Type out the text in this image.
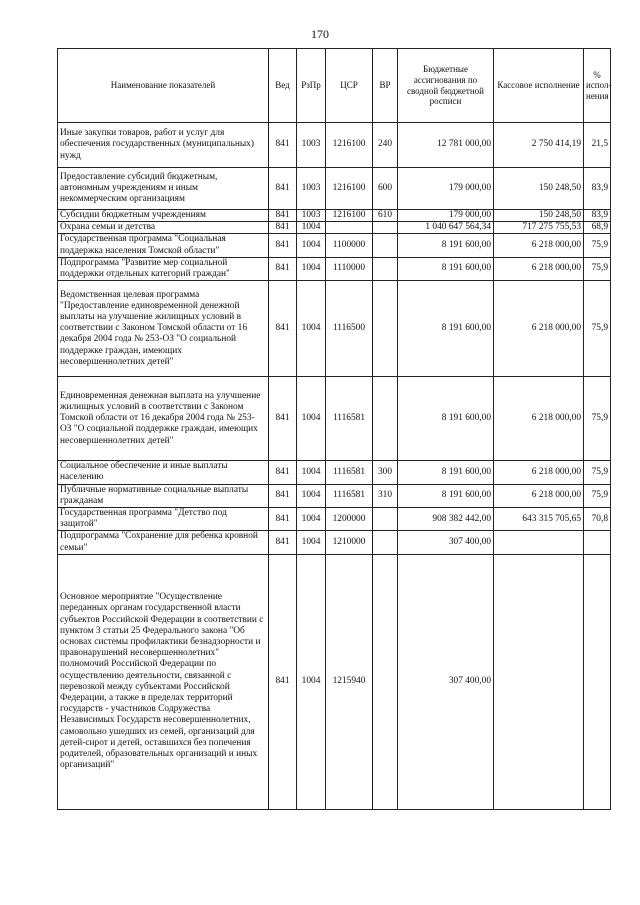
170
Наименование показателей	Вед	РзПр	ЦСР	ВР	Бюджетные ассигнования по сводной бюджетной росписи	Кассовое исполнение	% испол-нения
Иные закупки товаров, работ и услуг для обеспечения государственных (муниципальных) нужд	841	1003	1216100	240	12 781 000,00	2 750 414,19	21,5
Предоставление субсидий бюджетным, автономным учреждениям и иным некоммерческим организациям	841	1003	1216100	600	179 000,00	150 248,50	83,9
Субсидии бюджетным учреждениям	841	1003	1216100	610	179 000,00	150 248,50	83,9
Охрана семьи и детства	841	1004			1 040 647 564,34	717 275 755,53	68,9
Государственная программа "Социальная поддержка населения Томской области"	841	1004	1100000		8 191 600,00	6 218 000,00	75,9
Подпрограмма "Развитие мер социальной поддержки отдельных категорий граждан"	841	1004	1110000		8 191 600,00	6 218 000,00	75,9
Ведомственная целевая программа "Предоставление единовременной денежной выплаты на улучшение жилищных условий в соответствии с Законом Томской области от 16 декабря 2004 года № 253-ОЗ "О социальной поддержке граждан, имеющих несовершеннолетних детей"	841	1004	1116500		8 191 600,00	6 218 000,00	75,9
Единовременная денежная выплата на улучшение жилищных условий в соответствии с Законом Томской области от 16 декабря 2004 года № 253-ОЗ "О социальной поддержке граждан, имеющих несовершеннолетних детей"	841	1004	1116581		8 191 600,00	6 218 000,00	75,9
Социальное обеспечение и иные выплаты населению	841	1004	1116581	300	8 191 600,00	6 218 000,00	75,9
Публичные нормативные социальные выплаты гражданам	841	1004	1116581	310	8 191 600,00	6 218 000,00	75,9
Государственная программа "Детство под защитой"	841	1004	1200000		908 382 442,00	643 315 705,65	70,8
Подпрограмма "Сохранение для ребенка кровной семьи"	841	1004	1210000		307 400,00		
Основное мероприятие "Осуществление переданных органам государственной власти субъектов Российской Федерации в соответствии с пунктом 3 статьи 25 Федерального закона "Об основах системы профилактики безнадзорности и правонарушений несовершеннолетних" полномочий Российской Федерации по осуществлению деятельности, связанной с перевозкой между субъектами Российской Федерации, а также в пределах территорий государств - участников Содружества Независимых Государств несовершеннолетних, самовольно ушедших из семей, организаций для детей-сирот и детей, оставшихся без попечения родителей, образовательных организаций и иных организаций"	841	1004	1215940		307 400,00		
